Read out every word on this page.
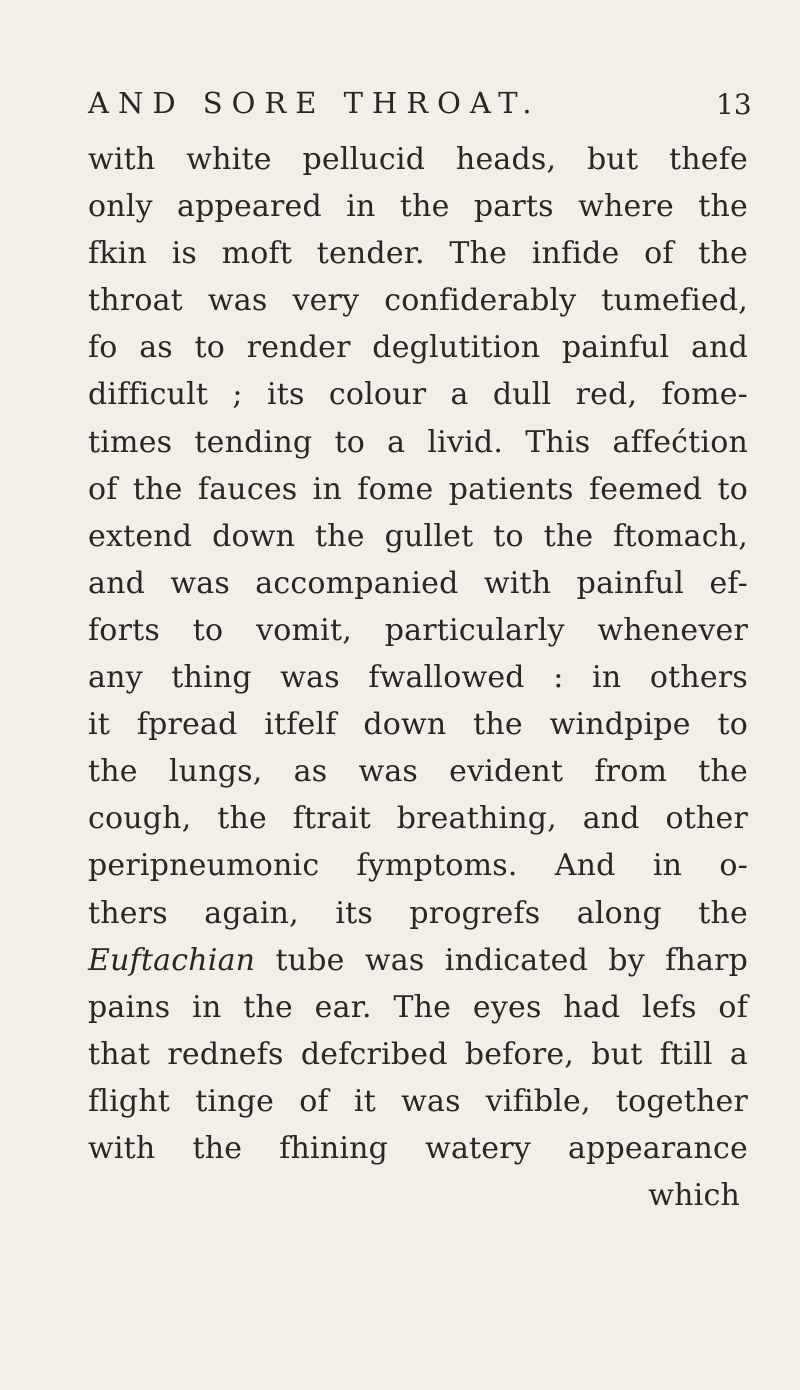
AND SORE THROAT.	13
with white pellucid heads, but thefe
only appeared in the parts where the
fkin is moft tender. The infide of the
throat was very confiderably tumefied,
fo as to render deglutition painful and
difficult ; its colour a dull red, fome-
times tending to a livid. This affećtion
of the fauces in fome patients feemed to
extend down the gullet to the ftomach,
and was accompanied with painful ef-
forts to vomit, particularly whenever
any thing was fwallowed : in others
it fpread itfelf down the windpipe to
the lungs, as was evident from the
cough, the ftrait breathing, and other
peripneumonic fymptoms. And in o-
thers again, its progrefs along the
Euftachian tube was indicated by fharp
pains in the ear. The eyes had lefs of
that rednefs defcribed before, but ftill a
flight tinge of it was vifible, together
with the fhining watery appearance
which
